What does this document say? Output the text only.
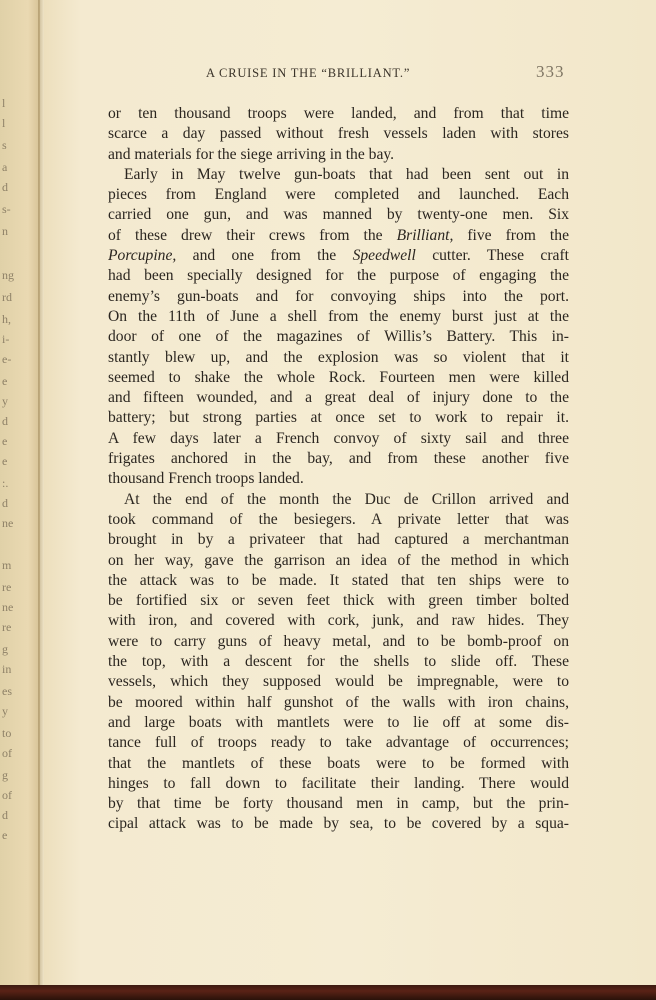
l
l
s
a
d
s-
n
ng
rd
h,
i-
e-
e
y
d
e
e
:.
d
ne
m
re
ne
re
g
in
es
y
to
of
g
of
d
e
A CRUISE IN THE “BRILLIANT.”	333
or ten thousand troops were landed, and from that time
scarce a day passed without fresh vessels laden with stores
and materials for the siege arriving in the bay.
Early in May twelve gun-boats that had been sent out in
pieces from England were completed and launched. Each
carried one gun, and was manned by twenty-one men. Six
of these drew their crews from the Brilliant, five from the
Porcupine, and one from the Speedwell cutter. These craft
had been specially designed for the purpose of engaging the
enemy’s gun-boats and for convoying ships into the port.
On the 11th of June a shell from the enemy burst just at the
door of one of the magazines of Willis’s Battery. This in-
stantly blew up, and the explosion was so violent that it
seemed to shake the whole Rock. Fourteen men were killed
and fifteen wounded, and a great deal of injury done to the
battery; but strong parties at once set to work to repair it.
A few days later a French convoy of sixty sail and three
frigates anchored in the bay, and from these another five
thousand French troops landed.
At the end of the month the Duc de Crillon arrived and
took command of the besiegers. A private letter that was
brought in by a privateer that had captured a merchantman
on her way, gave the garrison an idea of the method in which
the attack was to be made. It stated that ten ships were to
be fortified six or seven feet thick with green timber bolted
with iron, and covered with cork, junk, and raw hides. They
were to carry guns of heavy metal, and to be bomb-proof on
the top, with a descent for the shells to slide off. These
vessels, which they supposed would be impregnable, were to
be moored within half gunshot of the walls with iron chains,
and large boats with mantlets were to lie off at some dis-
tance full of troops ready to take advantage of occurrences;
that the mantlets of these boats were to be formed with
hinges to fall down to facilitate their landing. There would
by that time be forty thousand men in camp, but the prin-
cipal attack was to be made by sea, to be covered by a squa-
